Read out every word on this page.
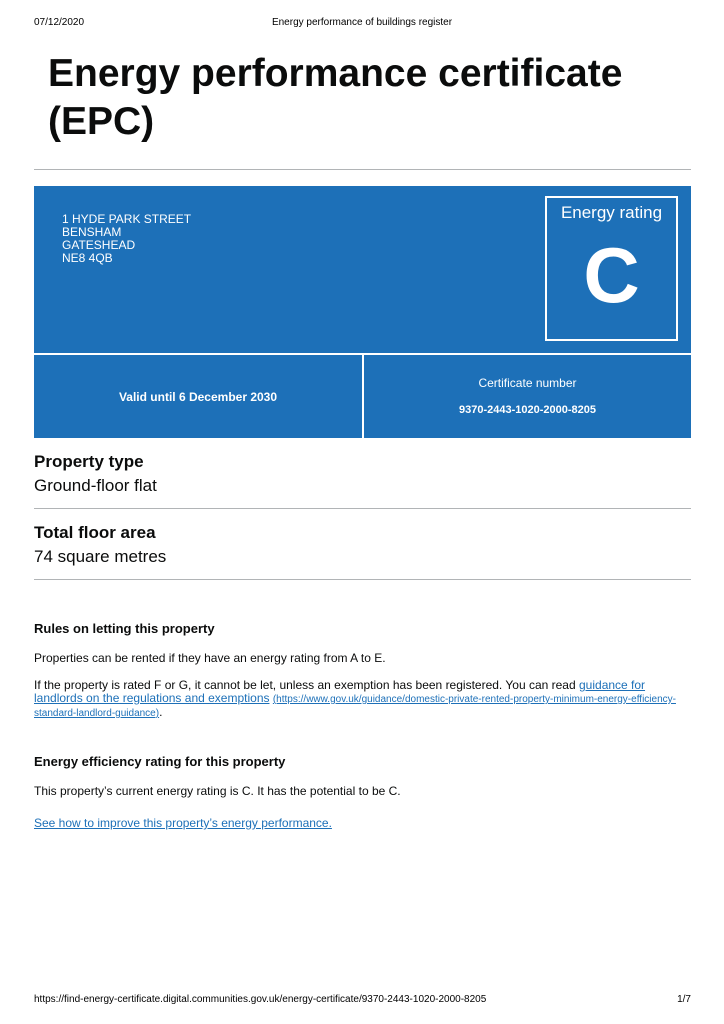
07/12/2020	Energy performance of buildings register
Energy performance certificate (EPC)
1 HYDE PARK STREET
BENSHAM
GATESHEAD
NE8 4QB
Energy rating
C
Valid until 6 December 2030
Certificate number
9370-2443-1020-2000-8205
Property type
Ground-floor flat
Total floor area
74 square metres
Rules on letting this property

Properties can be rented if they have an energy rating from A to E.

If the property is rated F or G, it cannot be let, unless an exemption has been registered. You can read guidance for landlords on the regulations and exemptions (https://www.gov.uk/guidance/domestic-private-rented-property-minimum-energy-efficiency-standard-landlord-guidance).

Energy efficiency rating for this property

This property’s current energy rating is C. It has the potential to be C.

See how to improve this property’s energy performance.

https://find-energy-certificate.digital.communities.gov.uk/energy-certificate/9370-2443-1020-2000-8205	1/7
